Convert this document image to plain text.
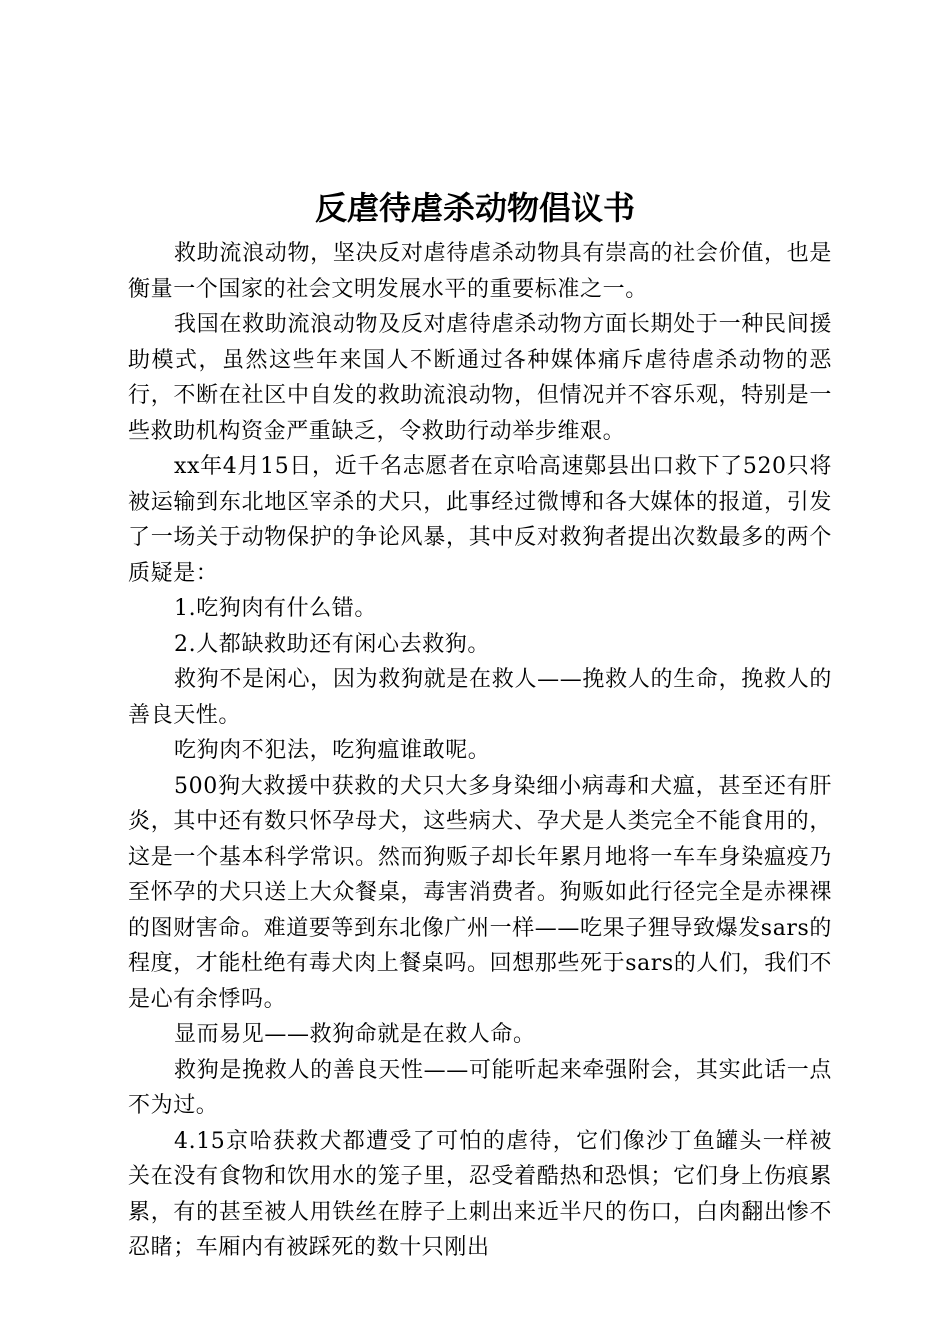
反虐待虐杀动物倡议书

救助流浪动物，坚决反对虐待虐杀动物具有崇高的社会价值，也是衡量一个国家的社会文明发展水平的重要标准之一。

我国在救助流浪动物及反对虐待虐杀动物方面长期处于一种民间援助模式，虽然这些年来国人不断通过各种媒体痛斥虐待虐杀动物的恶行，不断在社区中自发的救助流浪动物，但情况并不容乐观，特别是一些救助机构资金严重缺乏，令救助行动举步维艰。

xx年4月15日，近千名志愿者在京哈高速鄚县出口救下了520只将被运输到东北地区宰杀的犬只，此事经过微博和各大媒体的报道，引发了一场关于动物保护的争论风暴，其中反对救狗者提出次数最多的两个质疑是：

1.吃狗肉有什么错。

2.人都缺救助还有闲心去救狗。

救狗不是闲心，因为救狗就是在救人——挽救人的生命，挽救人的善良天性。

吃狗肉不犯法，吃狗瘟谁敢呢。

500狗大救援中获救的犬只大多身染细小病毒和犬瘟，甚至还有肝炎，其中还有数只怀孕母犬，这些病犬、孕犬是人类完全不能食用的，这是一个基本科学常识。然而狗贩子却长年累月地将一车车身染瘟疫乃至怀孕的犬只送上大众餐桌，毒害消费者。狗贩如此行径完全是赤裸裸的图财害命。难道要等到东北像广州一样——吃果子狸导致爆发sars的程度，才能杜绝有毒犬肉上餐桌吗。回想那些死于sars的人们，我们不是心有余悸吗。

显而易见——救狗命就是在救人命。

救狗是挽救人的善良天性——可能听起来牵强附会，其实此话一点不为过。

4.15京哈获救犬都遭受了可怕的虐待，它们像沙丁鱼罐头一样被关在没有食物和饮用水的笼子里，忍受着酷热和恐惧；它们身上伤痕累累，有的甚至被人用铁丝在脖子上刺出来近半尺的伤口，白肉翻出惨不忍睹；车厢内有被踩死的数十只刚出
